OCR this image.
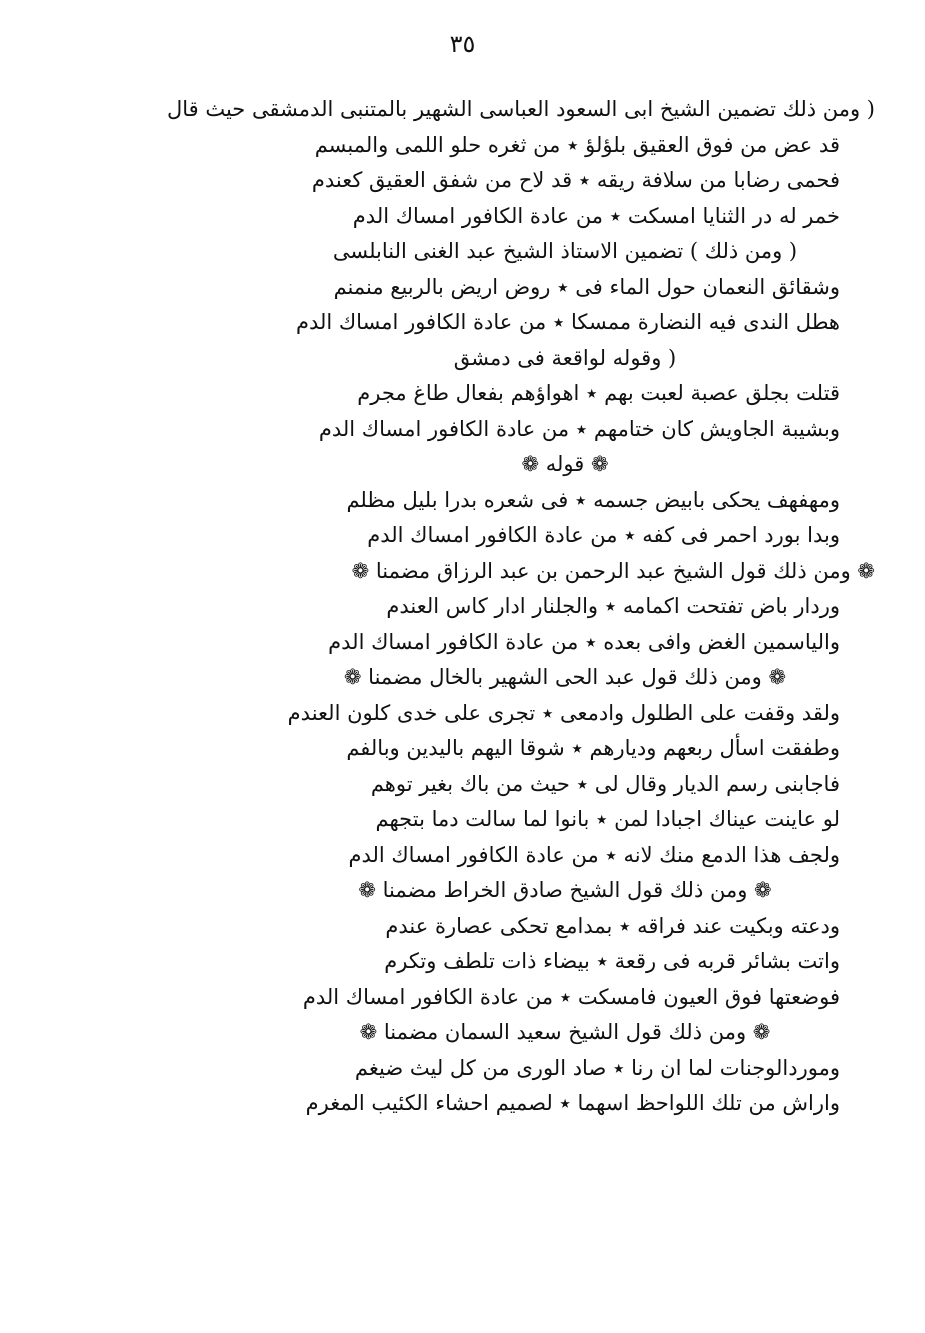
٣٥
( ومن ذلك تضمين الشيخ ابى السعود العباسى الشهير بالمتنبى الدمشقى حيث قال
قد عض من فوق العقيق بلؤلؤ ٭ من ثغره حلو اللمى والمبسم
فحمى رضابا من سلافة ريقه ٭ قد لاح من شفق العقيق كعندم
خمر له در الثنايا امسكت ٭ من عادة الكافور امساك الدم
( ومن ذلك ) تضمين الاستاذ الشيخ عبد الغنى النابلسى
وشقائق النعمان حول الماء فى ٭ روض اريض بالربيع منمنم
هطل الندى فيه النضارة ممسكا ٭ من عادة الكافور امساك الدم
( وقوله لواقعة فى دمشق
قتلت بجلق عصبة لعبت بهم ٭ اهواؤهم بفعال طاغ مجرم
وبشيبة الجاويش كان ختامهم ٭ من عادة الكافور امساك الدم
❁ قوله ❁
ومهفهف يحكى بابيض جسمه ٭ فى شعره بدرا بليل مظلم
وبدا بورد احمر فى كفه ٭ من عادة الكافور امساك الدم
❁ ومن ذلك قول الشيخ عبد الرحمن بن عبد الرزاق مضمنا ❁
وردار باض تفتحت اكمامه ٭ والجلنار ادار كاس العندم
والياسمين الغض وافى بعده ٭ من عادة الكافور امساك الدم
❁ ومن ذلك قول عبد الحى الشهير بالخال مضمنا ❁
ولقد وقفت على الطلول وادمعى ٭ تجرى على خدى كلون العندم
وطفقت اسأل ربعهم وديارهم ٭ شوقا اليهم باليدين وبالفم
فاجابنى رسم الديار وقال لى ٭ حيث من باك بغير توهم
لو عاينت عيناك اجبادا لمن ٭ بانوا لما سالت دما بتجهم
ولجف هذا الدمع منك لانه ٭ من عادة الكافور امساك الدم
❁ ومن ذلك قول الشيخ صادق الخراط مضمنا ❁
ودعته وبكيت عند فراقه ٭ بمدامع تحكى عصارة عندم
واتت بشائر قربه فى رقعة ٭ بيضاء ذات تلطف وتكرم
فوضعتها فوق العيون فامسكت ٭ من عادة الكافور امساك الدم
❁ ومن ذلك قول الشيخ سعيد السمان مضمنا ❁
وموردالوجنات لما ان رنا ٭ صاد الورى من كل ليث ضيغم
واراش من تلك اللواحظ اسهما ٭ لصميم احشاء الكئيب المغرم
